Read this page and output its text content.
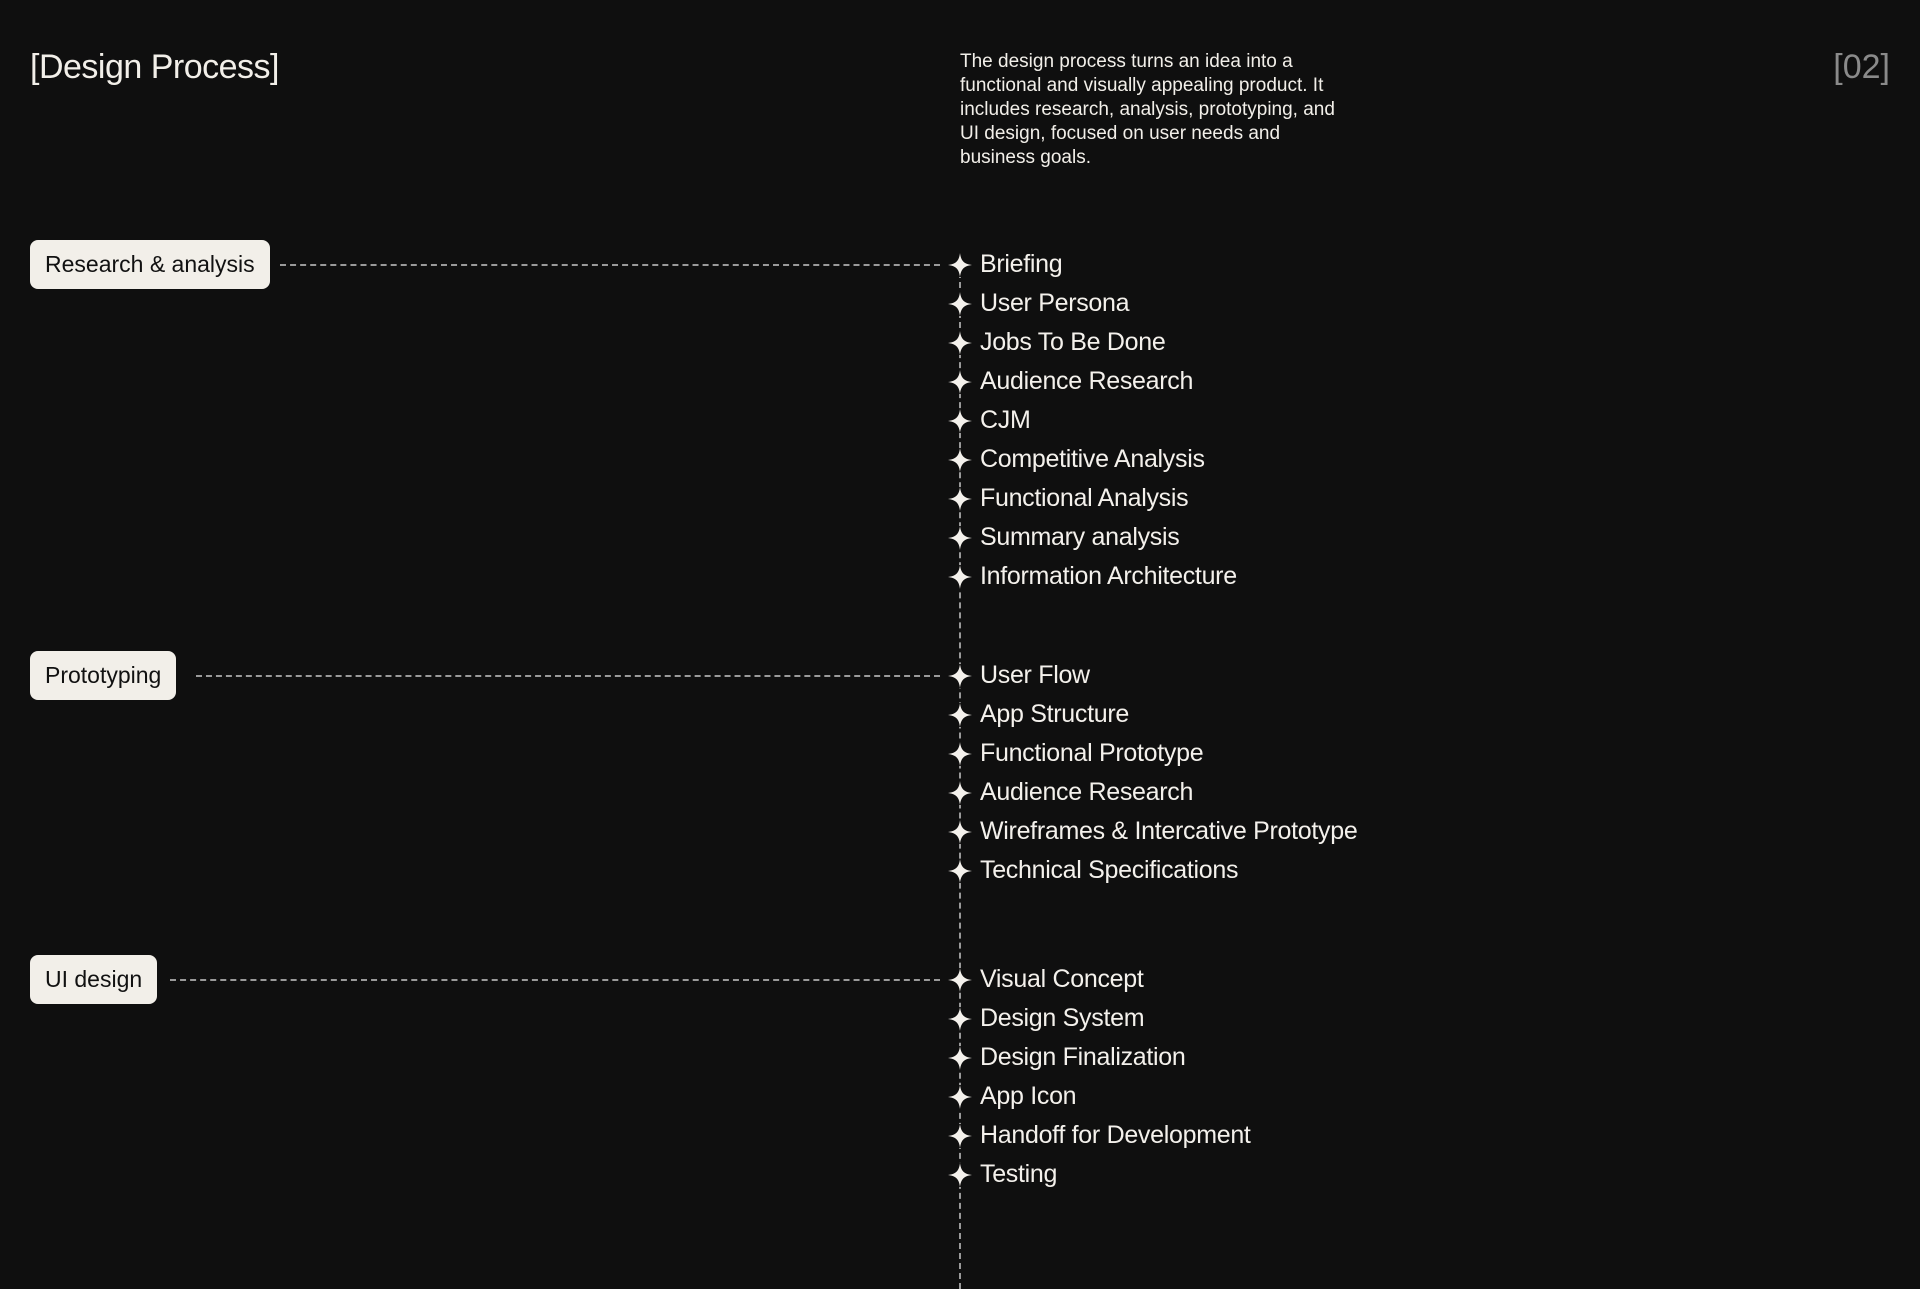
[Design Process]	The design process turns an idea into a functional and visually appealing product. It includes research, analysis, prototyping, and UI design, focused on user needs and business goals.
[02]
Research & analysis	Briefing
User Persona
Jobs To Be Done
Audience Research
CJM
Competitive Analysis
Functional Analysis
Summary analysis
Information Architecture
Prototyping	User Flow
App Structure
Functional Prototype
Audience Research
Wireframes & Intercative Prototype
Technical Specifications
UI design	Visual Concept
Design System
Design Finalization
App Icon
Handoff for Development
Testing
